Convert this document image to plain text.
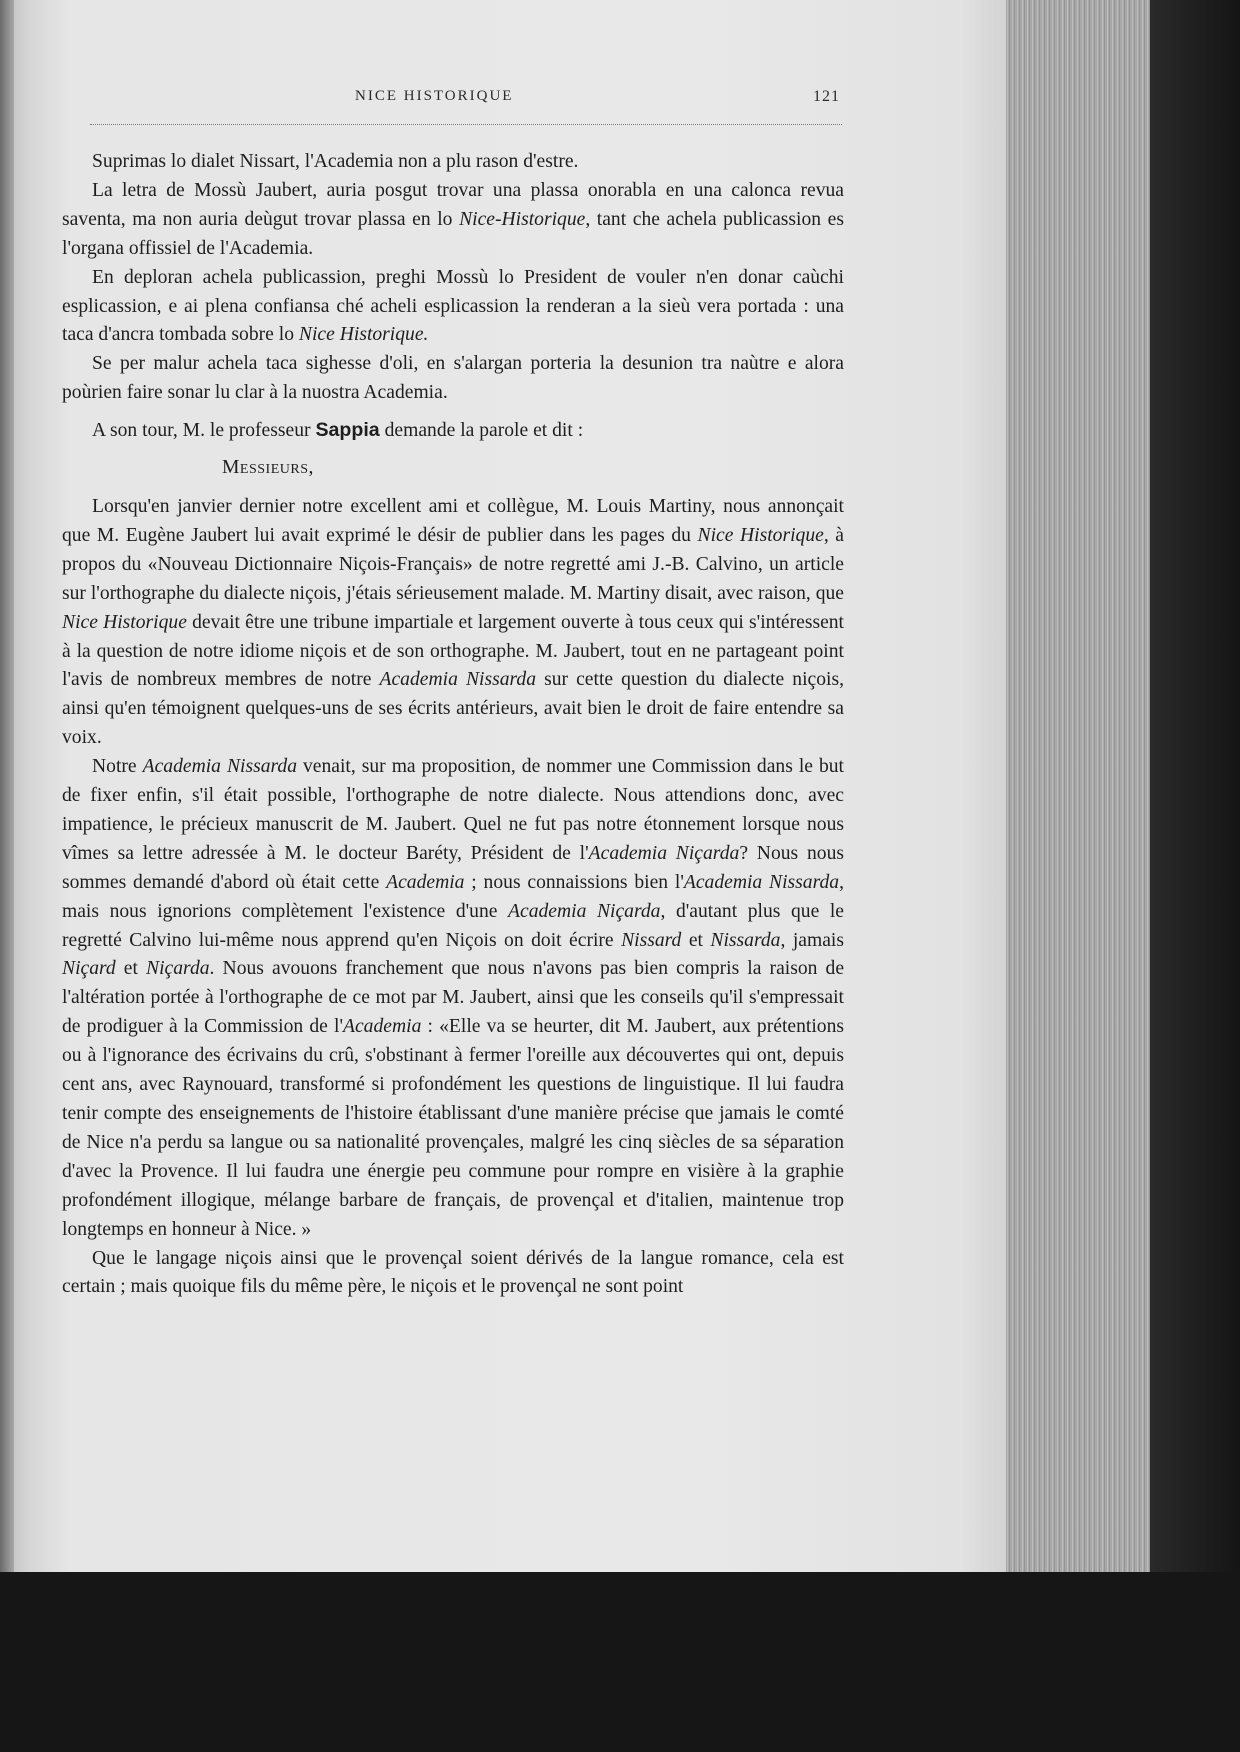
NICE HISTORIQUE	121

Suprimas lo dialet Nissart, l'Academia non a plu rason d'estre.

La letra de Mossù Jaubert, auria posgut trovar una plassa onorabla en una calonca revua saventa, ma non auria deùgut trovar plassa en lo Nice-Historique, tant che achela publicassion es l'organa offissiel de l'Academia.

En deploran achela publicassion, preghi Mossù lo President de vouler n'en donar caùchi esplicassion, e ai plena confiansa ché acheli esplicassion la renderan a la sieù vera portada : una taca d'ancra tombada sobre lo Nice Historique.

Se per malur achela taca sighesse d'oli, en s'alargan porteria la desunion tra naùtre e alora poùrien faire sonar lu clar à la nuostra Academia.

A son tour, M. le professeur Sappia demande la parole et dit :

Messieurs,

Lorsqu'en janvier dernier notre excellent ami et collègue, M. Louis Martiny, nous annonçait que M. Eugène Jaubert lui avait exprimé le désir de publier dans les pages du Nice Historique, à propos du «Nouveau Dictionnaire Niçois-Français» de notre regretté ami J.-B. Calvino, un article sur l'orthographe du dialecte niçois, j'étais sérieusement malade. M. Martiny disait, avec raison, que Nice Historique devait être une tribune impartiale et largement ouverte à tous ceux qui s'intéressent à la question de notre idiome niçois et de son orthographe. M. Jaubert, tout en ne partageant point l'avis de nombreux membres de notre Academia Nissarda sur cette question du dialecte niçois, ainsi qu'en témoignent quelques-uns de ses écrits antérieurs, avait bien le droit de faire entendre sa voix.

Notre Academia Nissarda venait, sur ma proposition, de nommer une Commission dans le but de fixer enfin, s'il était possible, l'orthographe de notre dialecte. Nous attendions donc, avec impatience, le précieux manuscrit de M. Jaubert. Quel ne fut pas notre étonnement lorsque nous vîmes sa lettre adressée à M. le docteur Baréty, Président de l'Academia Niçarda? Nous nous sommes demandé d'abord où était cette Academia ; nous connaissions bien l'Academia Nissarda, mais nous ignorions complètement l'existence d'une Academia Niçarda, d'autant plus que le regretté Calvino lui-même nous apprend qu'en Niçois on doit écrire Nissard et Nissarda, jamais Niçard et Niçarda. Nous avouons franchement que nous n'avons pas bien compris la raison de l'altération portée à l'orthographe de ce mot par M. Jaubert, ainsi que les conseils qu'il s'empressait de prodiguer à la Commission de l'Academia : «Elle va se heurter, dit M. Jaubert, aux prétentions ou à l'ignorance des écrivains du crû, s'obstinant à fermer l'oreille aux découvertes qui ont, depuis cent ans, avec Raynouard, transformé si profondément les questions de linguistique. Il lui faudra tenir compte des enseignements de l'histoire établissant d'une manière précise que jamais le comté de Nice n'a perdu sa langue ou sa nationalité provençales, malgré les cinq siècles de sa séparation d'avec la Provence. Il lui faudra une énergie peu commune pour rompre en visière à la graphie profondément illogique, mélange barbare de français, de provençal et d'italien, maintenue trop longtemps en honneur à Nice. »

Que le langage niçois ainsi que le provençal soient dérivés de la langue romance, cela est certain ; mais quoique fils du même père, le niçois et le provençal ne sont point
